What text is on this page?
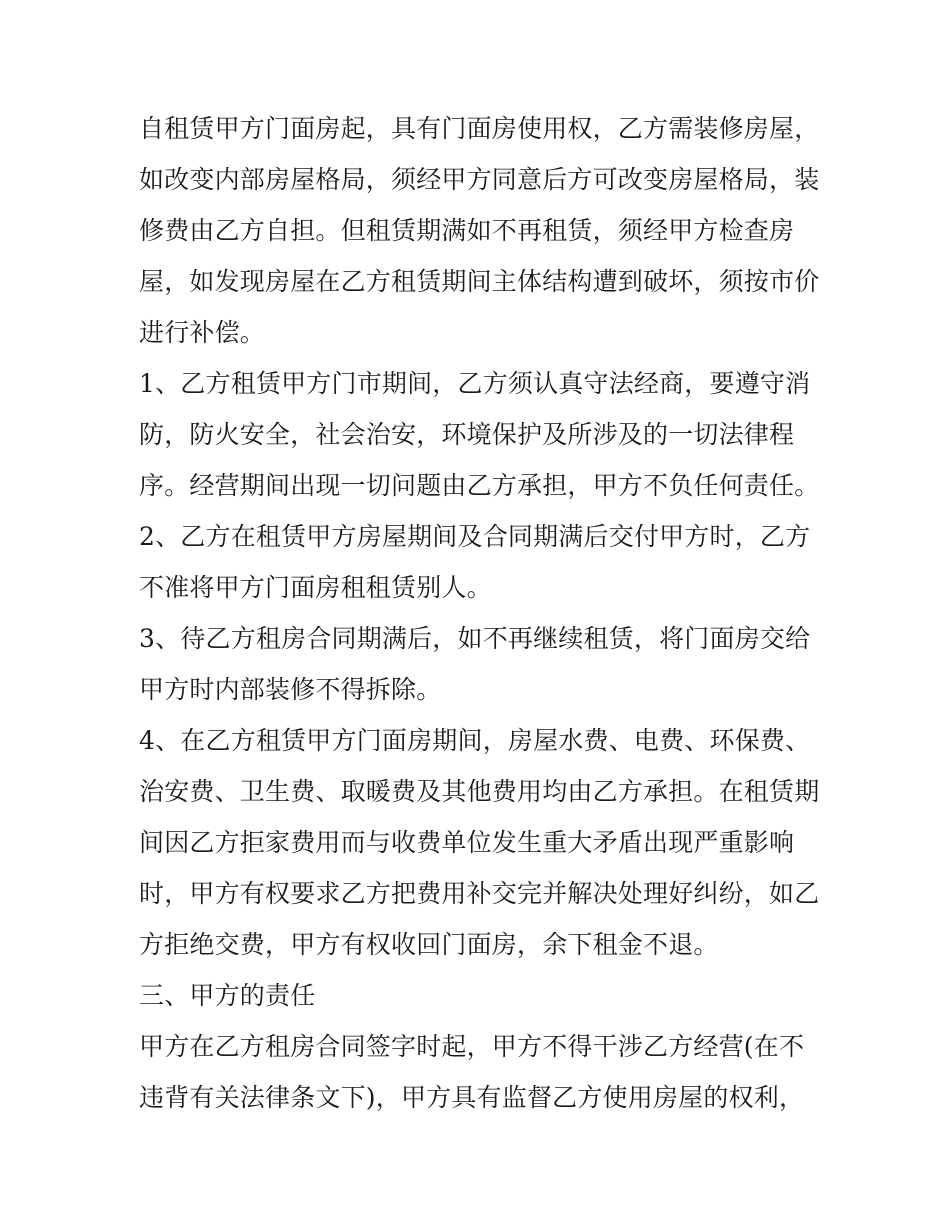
自租赁甲方门面房起，具有门面房使用权，乙方需装修房屋，
如改变内部房屋格局，须经甲方同意后方可改变房屋格局，装
修费由乙方自担。但租赁期满如不再租赁，须经甲方检查房
屋，如发现房屋在乙方租赁期间主体结构遭到破坏，须按市价
进行补偿。
1、乙方租赁甲方门市期间，乙方须认真守法经商，要遵守消
防，防火安全，社会治安，环境保护及所涉及的一切法律程
序。经营期间出现一切问题由乙方承担，甲方不负任何责任。
2、乙方在租赁甲方房屋期间及合同期满后交付甲方时，乙方
不准将甲方门面房租租赁别人。
3、待乙方租房合同期满后，如不再继续租赁，将门面房交给
甲方时内部装修不得拆除。
4、在乙方租赁甲方门面房期间，房屋水费、电费、环保费、
治安费、卫生费、取暖费及其他费用均由乙方承担。在租赁期
间因乙方拒家费用而与收费单位发生重大矛盾出现严重影响
时，甲方有权要求乙方把费用补交完并解决处理好纠纷，如乙
方拒绝交费，甲方有权收回门面房，余下租金不退。
三、甲方的责任
甲方在乙方租房合同签字时起，甲方不得干涉乙方经营(在不
违背有关法律条文下)，甲方具有监督乙方使用房屋的权利，
